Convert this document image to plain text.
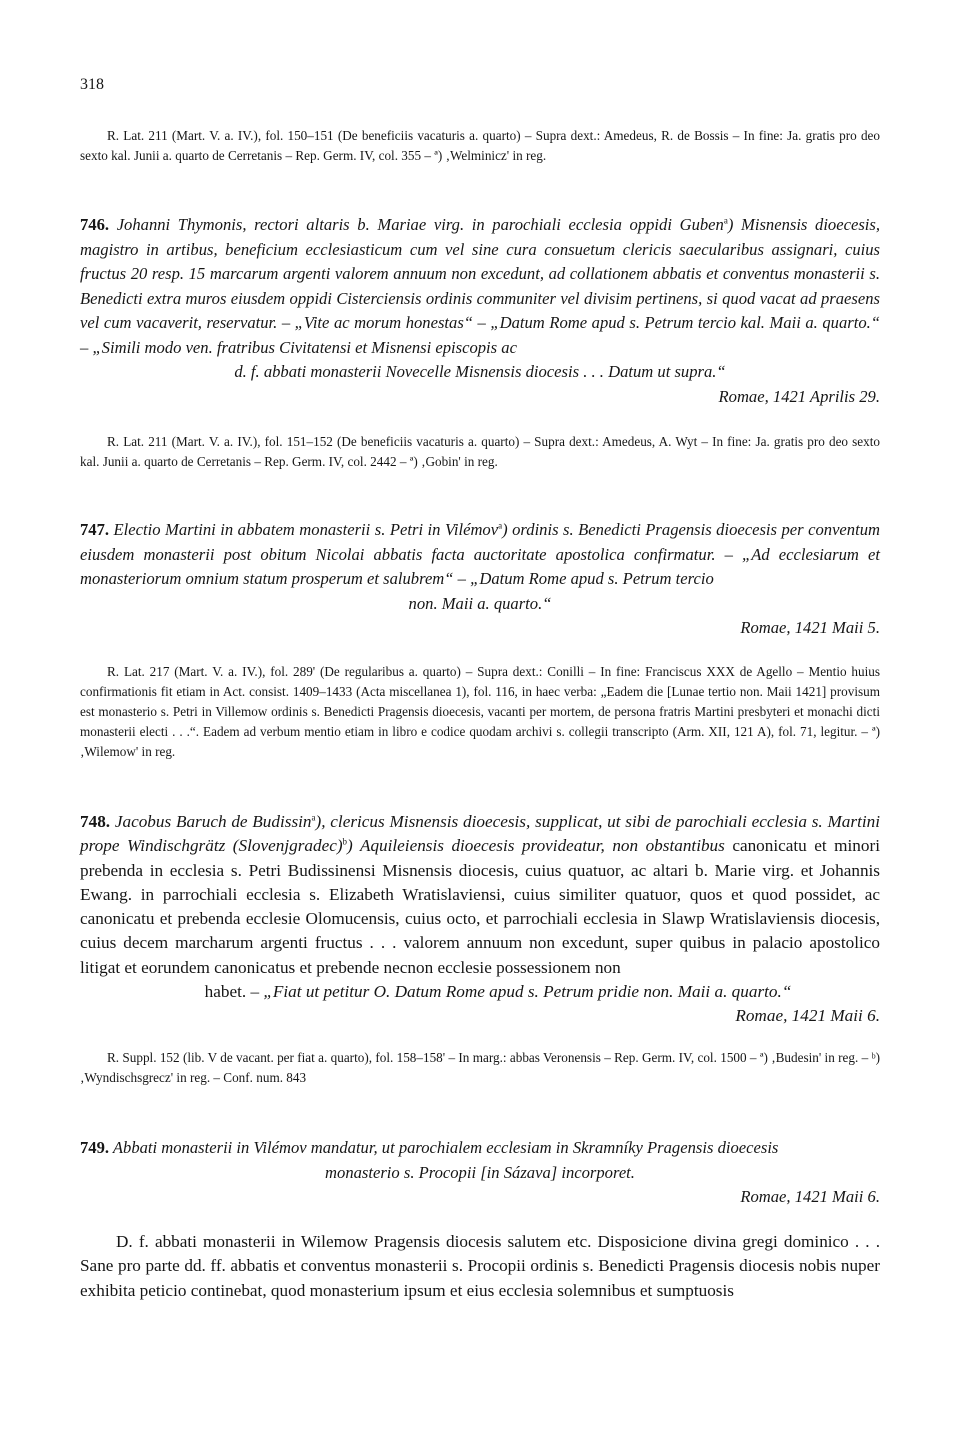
318

R. Lat. 211 (Mart. V. a. IV.), fol. 150–151 (De beneficiis vacaturis a. quarto) – Supra dext.: Amedeus, R. de Bossis – In fine: Ja. gratis pro deo sexto kal. Junii a. quarto de Cerretanis – Rep. Germ. IV, col. 355 – ª) ‚Welminicz' in reg.

746. Johanni Thymonis, rectori altaris b. Mariae virg. in parochiali ecclesia oppidi Guben$^a$) Misnensis dioecesis, magistro in artibus, beneficium ecclesiasticum cum vel sine cura consuetum clericis saecularibus assignari, cuius fructus 20 resp. 15 marcarum argenti valorem annuum non excedunt, ad collationem abbatis et conventus monasterii s. Benedicti extra muros eiusdem oppidi Cisterciensis ordinis communiter vel divisim pertinens, si quod vacat ad praesens vel cum vacaverit, reservatur. – „Vite ac morum honestas“ – „Datum Rome apud s. Petrum tercio kal. Maii a. quarto.“ – „Simili modo ven. fratribus Civitatensi et Misnensi episcopis ac

d. f. abbati monasterii Novecelle Misnensis diocesis . . . Datum ut supra.“

Romae, 1421 Aprilis 29.

R. Lat. 211 (Mart. V. a. IV.), fol. 151–152 (De beneficiis vacaturis a. quarto) – Supra dext.: Amedeus, A. Wyt – In fine: Ja. gratis pro deo sexto kal. Junii a. quarto de Cerretanis – Rep. Germ. IV, col. 2442 – ª) ‚Gobin' in reg.

747. Electio Martini in abbatem monasterii s. Petri in Vilémov$^a$) ordinis s. Benedicti Pragensis dioecesis per conventum eiusdem monasterii post obitum Nicolai abbatis facta auctoritate apostolica confirmatur. – „Ad ecclesiarum et monasteriorum omnium statum prosperum et salubrem“ – „Datum Rome apud s. Petrum tercio

non. Maii a. quarto.“

Romae, 1421 Maii 5.

R. Lat. 217 (Mart. V. a. IV.), fol. 289' (De regularibus a. quarto) – Supra dext.: Conilli – In fine: Franciscus XXX de Agello – Mentio huius confirmationis fit etiam in Act. consist. 1409–1433 (Acta miscellanea 1), fol. 116, in haec verba: „Eadem die [Lunae tertio non. Maii 1421] provisum est monasterio s. Petri in Villemow ordinis s. Benedicti Pragensis dioecesis, vacanti per mortem, de persona fratris Martini presbyteri et monachi dicti monasterii electi . . .“. Eadem ad verbum mentio etiam in libro e codice quodam archivi s. collegii transcripto (Arm. XII, 121 A), fol. 71, legitur. – ª) ‚Wilemow' in reg.

748. Jacobus Baruch de Budissin$^a$), clericus Misnensis dioecesis, supplicat, ut sibi de parochiali ecclesia s. Martini prope Windischgrätz (Slovenjgradec)$^b$) Aquileiensis dioecesis provideatur, non obstantibus canonicatu et minori prebenda in ecclesia s. Petri Budissinensi Misnensis diocesis, cuius quatuor, ac altari b. Marie virg. et Johannis Ewang. in parrochiali ecclesia s. Elizabeth Wratislaviensi, cuius similiter quatuor, quos et quod possidet, ac canonicatu et prebenda ecclesie Olomucensis, cuius octo, et parrochiali ecclesia in Slawp Wratislaviensis diocesis, cuius decem marcharum argenti fructus . . . valorem annuum non excedunt, super quibus in palacio apostolico litigat et eorundem canonicatus et prebende necnon ecclesie possessionem non

habet. – „Fiat ut petitur O. Datum Rome apud s. Petrum pridie non. Maii a. quarto.“

Romae, 1421 Maii 6.

R. Suppl. 152 (lib. V de vacant. per fiat a. quarto), fol. 158–158' – In marg.: abbas Veronensis – Rep. Germ. IV, col. 1500 – ª) ‚Budesin' in reg. – ᵇ) ‚Wyndischsgrecz' in reg. – Conf. num. 843

749. Abbati monasterii in Vilémov mandatur, ut parochialem ecclesiam in Skramníky Pragensis dioecesis

monasterio s. Procopii [in Sázava] incorporet.

Romae, 1421 Maii 6.

D. f. abbati monasterii in Wilemow Pragensis diocesis salutem etc. Disposicione divina gregi dominico . . . Sane pro parte dd. ff. abbatis et conventus monasterii s. Procopii ordinis s. Benedicti Pragensis diocesis nobis nuper exhibita peticio continebat, quod monasterium ipsum et eius ecclesia solemnibus et sumptuosis
